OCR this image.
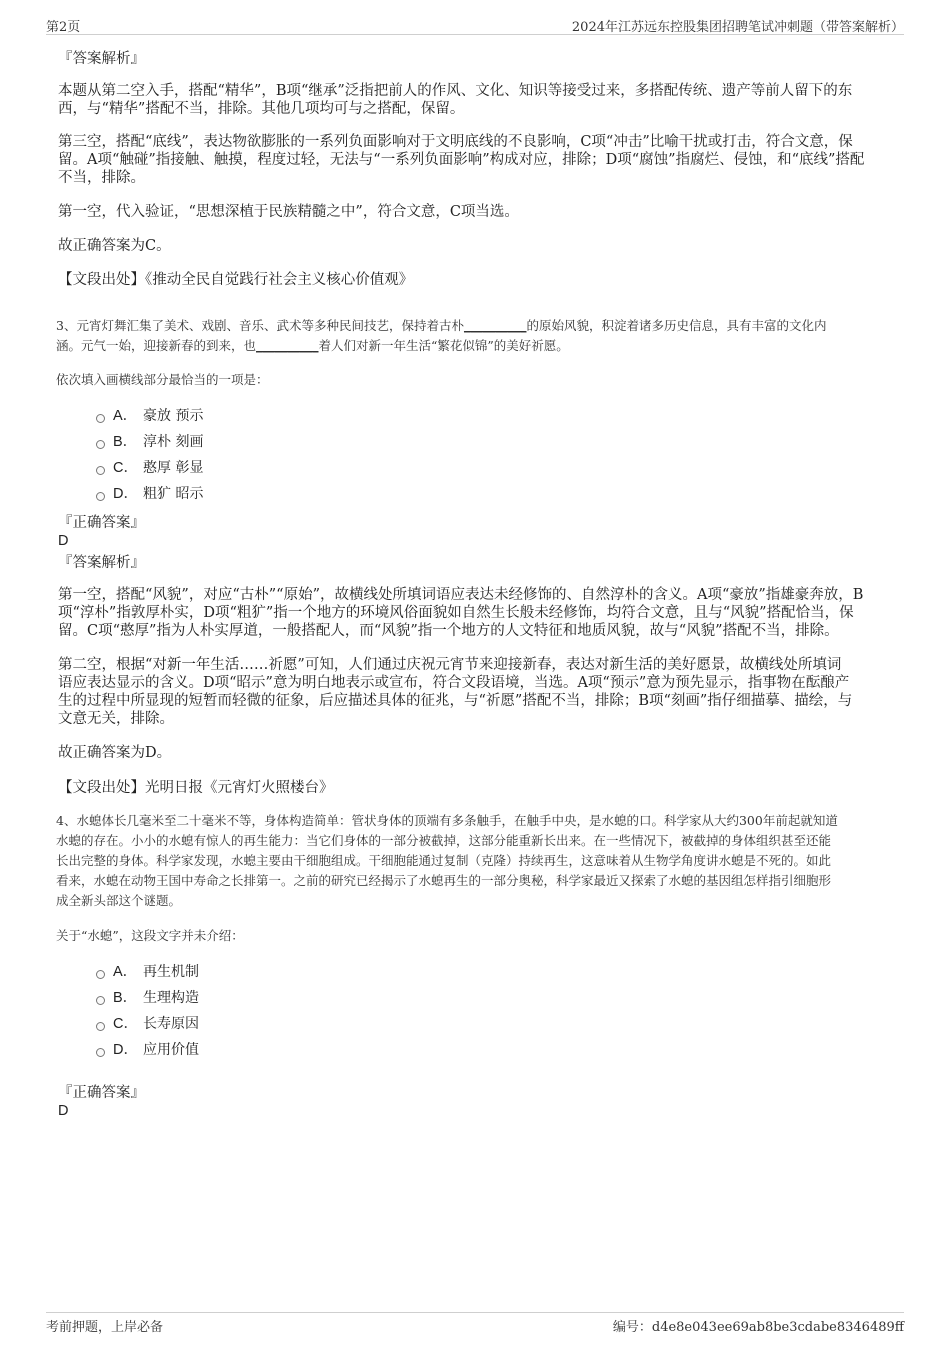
第2页	2024年江苏远东控股集团招聘笔试冲刺题（带答案解析）

『答案解析』

本题从第二空入手，搭配“精华”，B项“继承”泛指把前人的作风、文化、知识等接受过来，多搭配传统、遗产等前人留下的东

西，与“精华”搭配不当，排除。其他几项均可与之搭配，保留。

第三空，搭配“底线”，表达物欲膨胀的一系列负面影响对于文明底线的不良影响，C项“冲击”比喻干扰或打击，符合文意，保

留。A项“触碰”指接触、触摸，程度过轻，无法与“一系列负面影响”构成对应，排除；D项“腐蚀”指腐烂、侵蚀，和“底线”搭配

不当，排除。

第一空，代入验证，“思想深植于民族精髓之中”，符合文意，C项当选。

故正确答案为C。

【文段出处】《推动全民自觉践行社会主义核心价值观》

3、元宵灯舞汇集了美术、戏剧、音乐、武术等多种民间技艺，保持着古朴__________的原始风貌，积淀着诸多历史信息，具有丰富的文化内

涵。元气一始，迎接新春的到来，也__________着人们对新一年生活“繁花似锦”的美好祈愿。

依次填入画横线部分最恰当的一项是：

A． 豪放 预示
B． 淳朴 刻画
C． 憨厚 彰显
D． 粗犷 昭示

『正确答案』

D

『答案解析』

第一空，搭配“风貌”，对应“古朴”“原始”，故横线处所填词语应表达未经修饰的、自然淳朴的含义。A项“豪放”指雄豪奔放，B

项“淳朴”指敦厚朴实，D项“粗犷”指一个地方的环境风俗面貌如自然生长般未经修饰，均符合文意，且与“风貌”搭配恰当，保

留。C项“憨厚”指为人朴实厚道，一般搭配人，而“风貌”指一个地方的人文特征和地质风貌，故与“风貌”搭配不当，排除。

第二空，根据“对新一年生活……祈愿”可知，人们通过庆祝元宵节来迎接新春，表达对新生活的美好愿景，故横线处所填词

语应表达显示的含义。D项“昭示”意为明白地表示或宣布，符合文段语境，当选。A项“预示”意为预先显示，指事物在酝酿产

生的过程中所显现的短暂而轻微的征象，后应描述具体的征兆，与“祈愿”搭配不当，排除；B项“刻画”指仔细描摹、描绘，与

文意无关，排除。

故正确答案为D。

【文段出处】光明日报《元宵灯火照楼台》

4、水螅体长几毫米至二十毫米不等，身体构造简单：管状身体的顶端有多条触手，在触手中央，是水螅的口。科学家从大约300年前起就知道

水螅的存在。小小的水螅有惊人的再生能力：当它们身体的一部分被截掉，这部分能重新长出来。在一些情况下，被截掉的身体组织甚至还能

长出完整的身体。科学家发现，水螅主要由干细胞组成。干细胞能通过复制（克隆）持续再生，这意味着从生物学角度讲水螅是不死的。如此

看来，水螅在动物王国中寿命之长排第一。之前的研究已经揭示了水螅再生的一部分奥秘，科学家最近又探索了水螅的基因组怎样指引细胞形

成全新头部这个谜题。

关于“水螅”，这段文字并未介绍：

A． 再生机制
B． 生理构造
C． 长寿原因
D． 应用价值

『正确答案』

D

考前押题，上岸必备	编号：d4e8e043ee69ab8be3cdabe8346489ff
